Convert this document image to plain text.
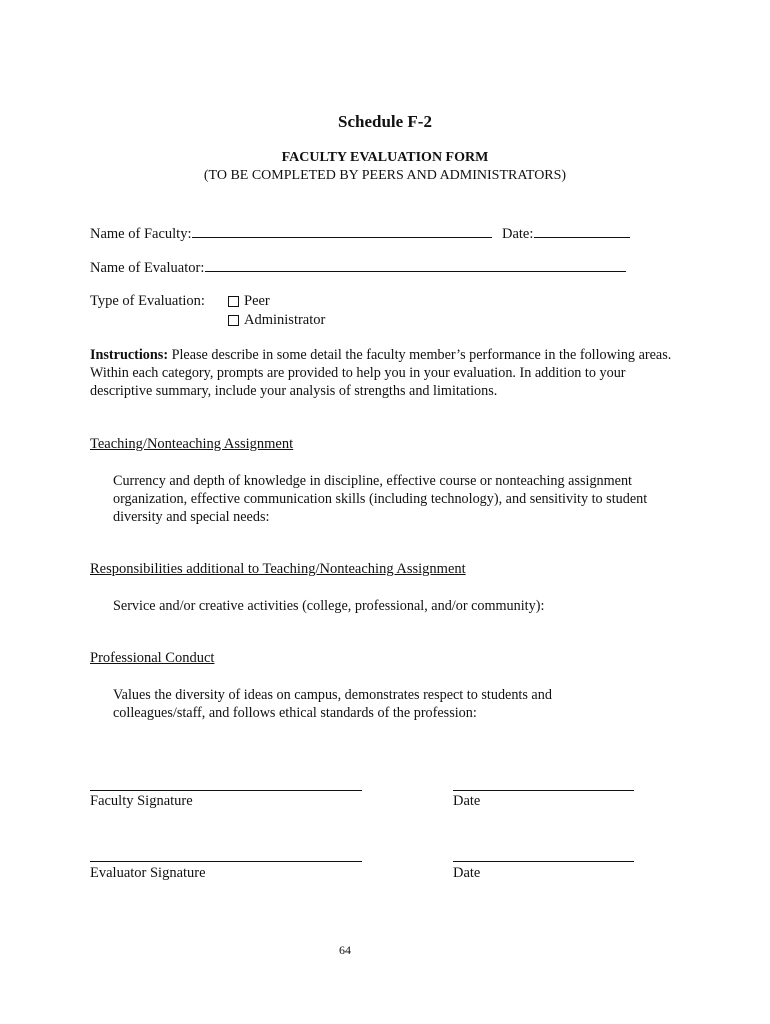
Schedule F-2
FACULTY EVALUATION FORM
(TO BE COMPLETED BY PEERS AND ADMINISTRATORS)
Name of Faculty:	Date:
Name of Evaluator:
Type of Evaluation:	Peer
Administrator
Instructions: Please describe in some detail the faculty member’s performance in the following areas. Within each category, prompts are provided to help you in your evaluation. In addition to your descriptive summary, include your analysis of strengths and limitations.
Teaching/Nonteaching Assignment
Currency and depth of knowledge in discipline, effective course or nonteaching assignment organization, effective communication skills (including technology), and sensitivity to student diversity and special needs:
Responsibilities additional to Teaching/Nonteaching Assignment
Service and/or creative activities (college, professional, and/or community):
Professional Conduct
Values the diversity of ideas on campus, demonstrates respect to students and colleagues/staff, and follows ethical standards of the profession:
Faculty Signature	Date
Evaluator Signature	Date
64
